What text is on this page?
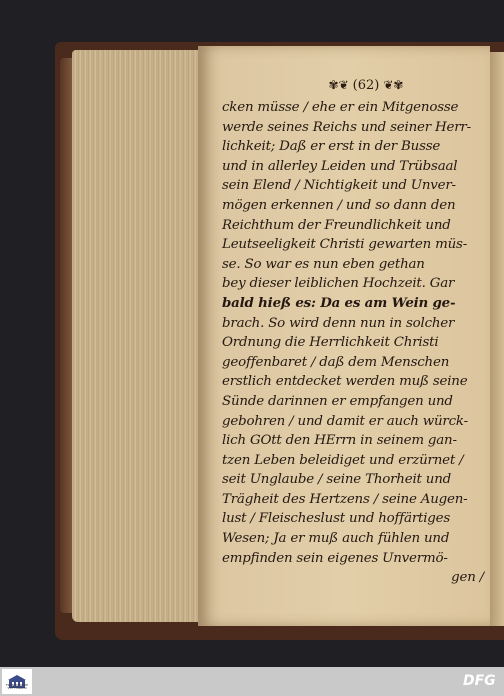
✾❦ (62) ❦✾
cken müsse / ehe er ein Mitgenosse
werde seines Reichs und seiner Herr-
lichkeit; Daß er erst in der Busse
und in allerley Leiden und Trübsaal
sein Elend / Nichtigkeit und Unver-
mögen erkennen / und so dann den
Reichthum der Freundlichkeit und
Leutseeligkeit Christi gewarten müs-
se. So war es nun eben gethan
bey dieser leiblichen Hochzeit. Gar
bald hieß es: Da es am Wein ge-
brach. So wird denn nun in solcher
Ordnung die Herrlichkeit Christi
geoffenbaret / daß dem Menschen
erstlich entdecket werden muß seine
Sünde darinnen er empfangen und
gebohren / und damit er auch würck-
lich GOtt den HErrn in seinem gan-
tzen Leben beleidiget und erzürnet /
seit Unglaube / seine Thorheit und
Trägheit des Hertzens / seine Augen-
lust / Fleischeslust und hoffärtiges
Wesen; Ja er muß auch fühlen und
empfinden sein eigenes Unvermö-
gen /
FRANCKESCHE STIFTUNGEN	DFG
